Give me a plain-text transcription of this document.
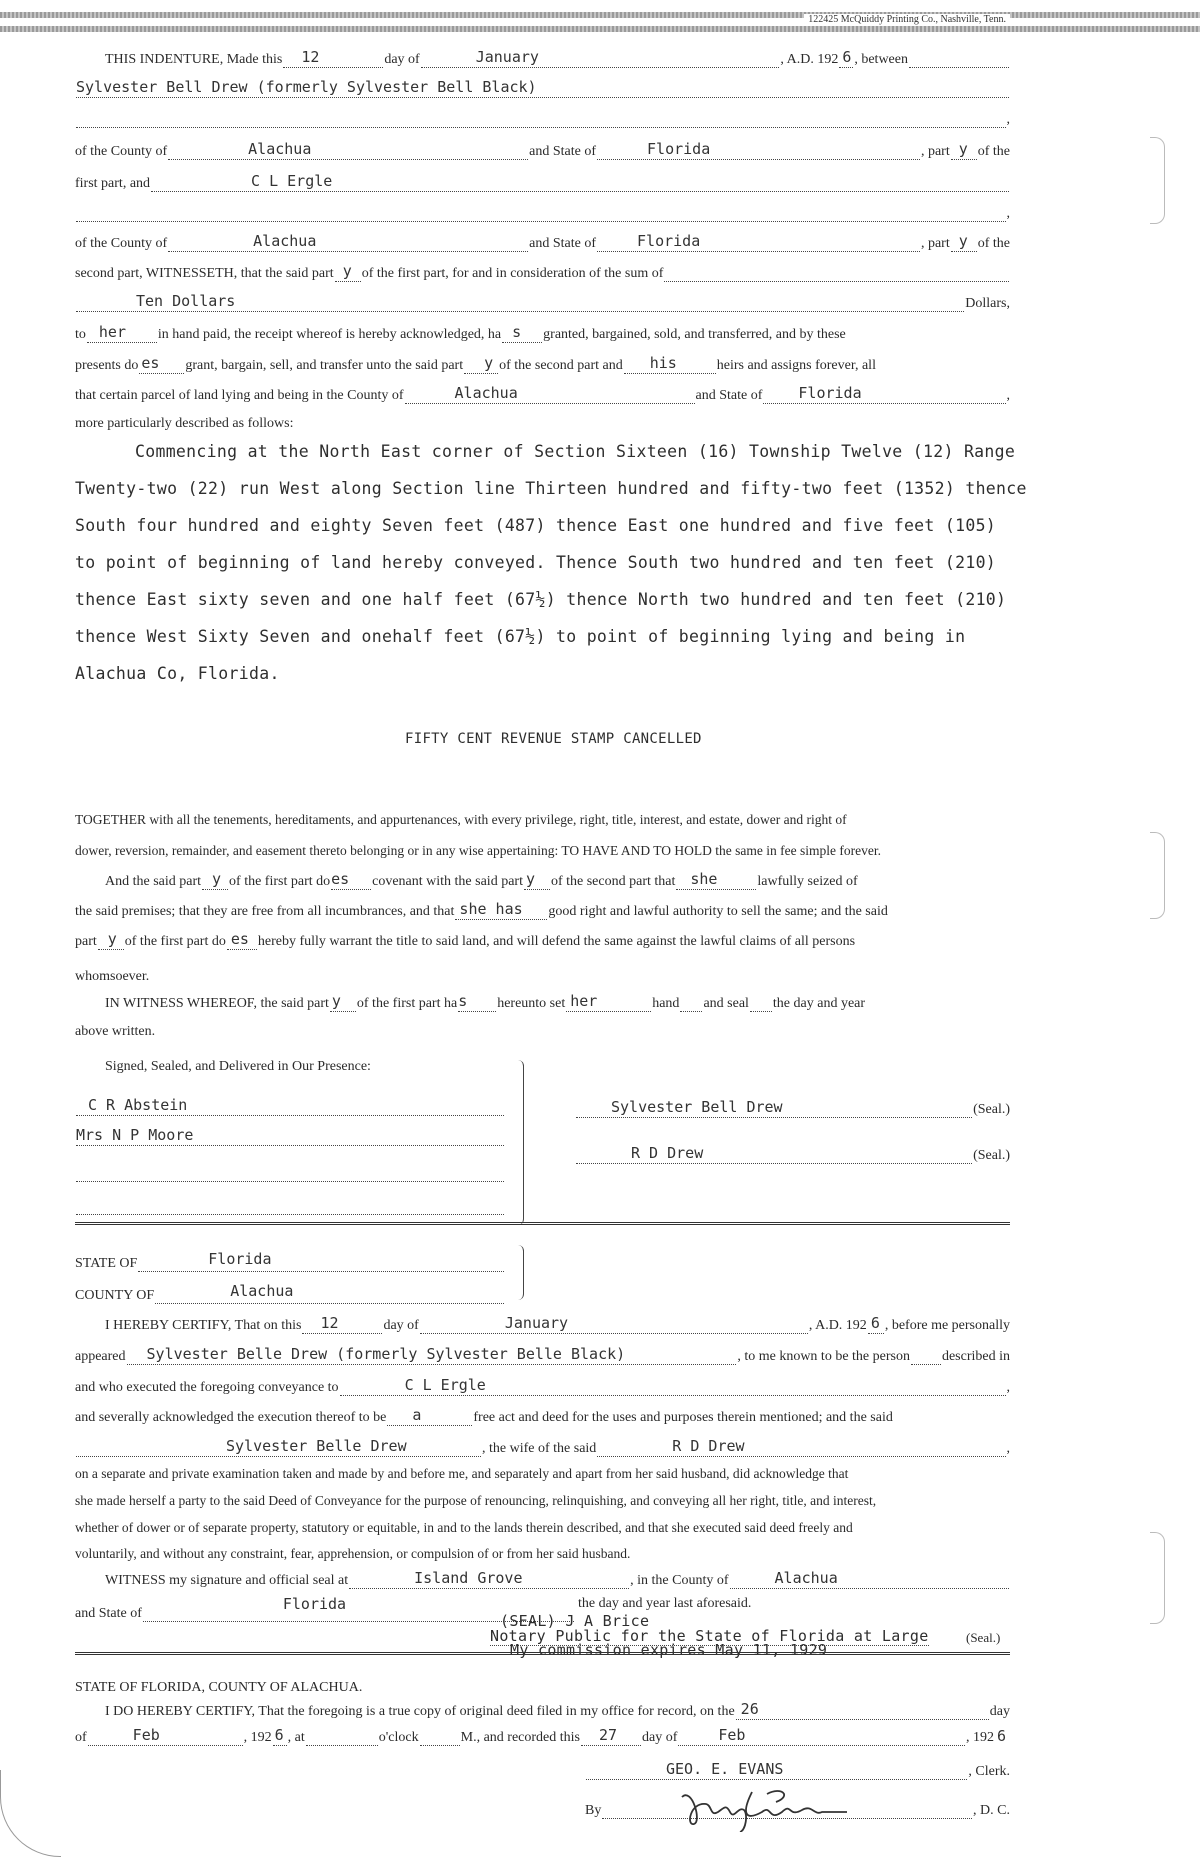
122425 McQuiddy Printing Co., Nashville, Tenn.
THIS INDENTURE, Made this 12	day of	January	, A.D. 192 6 , between
Sylvester Bell Drew (formerly Sylvester Bell Black)
,
of the County of	Alachua	and State of	Florida	, part y of the
first part, and	C L Ergle
,
of the County of	Alachua	and State of	Florida	, part y of the
second part, WITNESSETH, that the said part y of the first part, for and in consideration of the sum of
Ten Dollars	Dollars,
to her in hand paid, the receipt whereof is hereby acknowledged, ha s granted, bargained, sold, and transferred, and by these
presents do es grant, bargain, sell, and transfer unto the said part y of the second part and his	heirs and assigns forever, all
that certain parcel of land lying and being in the County of	Alachua	and State of Florida	,
more particularly described as follows:
Commencing at the North East corner of Section Sixteen (16) Township Twelve (12) Range
Twenty-two (22) run West along Section line Thirteen hundred and fifty-two feet (1352) thence
South four hundred and eighty Seven feet (487) thence East one hundred and five feet (105)
to point of beginning of land hereby conveyed. Thence South two hundred and ten feet (210)
thence East sixty seven and one half feet (67½) thence North two hundred and ten feet (210)
thence West Sixty Seven and onehalf feet (67½) to point of beginning lying and being in
Alachua Co, Florida.
FIFTY CENT REVENUE STAMP CANCELLED
TOGETHER with all the tenements, hereditaments, and appurtenances, with every privilege, right, title, interest, and estate, dower and right of
dower, reversion, remainder, and easement thereto belonging or in any wise appertaining: TO HAVE AND TO HOLD the same in fee simple forever.
And the said part y of the first part do es covenant with the said part y of the second part that she	lawfully seized of
the said premises; that they are free from all incumbrances, and that she has good right and lawful authority to sell the same; and the said
part y of the first part do es hereby fully warrant the title to said land, and will defend the same against the lawful claims of all persons
whomsoever.
IN WITNESS WHEREOF, the said part y of the first part ha s hereunto set her	hand and seal the day and year
above written.
Signed, Sealed, and Delivered in Our Presence:
C R Abstein
Mrs N P Moore
Sylvester Bell Drew	(Seal.)
R D Drew	(Seal.)
STATE OF	Florida
COUNTY OF	Alachua
I HEREBY CERTIFY, That on this 12	day of	January	, A.D. 192 6 , before me personally
appeared Sylvester Belle Drew (formerly Sylvester Belle Black)	, to me known to be the person described in
and who executed the foregoing conveyance to	C L Ergle	,
and severally acknowledged the execution thereof to be a	free act and deed for the uses and purposes therein mentioned; and the said
Sylvester Belle Drew	, the wife of the said	R D Drew	,
on a separate and private examination taken and made by and before me, and separately and apart from her said husband, did acknowledge that
she made herself a party to the said Deed of Conveyance for the purpose of renouncing, relinquishing, and conveying all her right, title, and interest,
whether of dower or of separate property, statutory or equitable, in and to the lands therein described, and that she executed said deed freely and
voluntarily, and without any constraint, fear, apprehension, or compulsion of or from her said husband.
WITNESS my signature and official seal at	Island Grove	, in the County of	Alachua
and State of
Florida	the day and year last aforesaid.
(SEAL) J A Brice
Notary Public for the State of Florida at Large	(Seal.)
My commission expires May 11, 1929
STATE OF FLORIDA, COUNTY OF ALACHUA.
I DO HEREBY CERTIFY, That the foregoing is a true copy of original deed filed in my office for record, on the 26	day
of	Feb	, 192 6 , at	o'clock	M., and recorded this 27 day of	Feb	, 192 6
GEO. E. EVANS	, Clerk.
By	, D. C.
